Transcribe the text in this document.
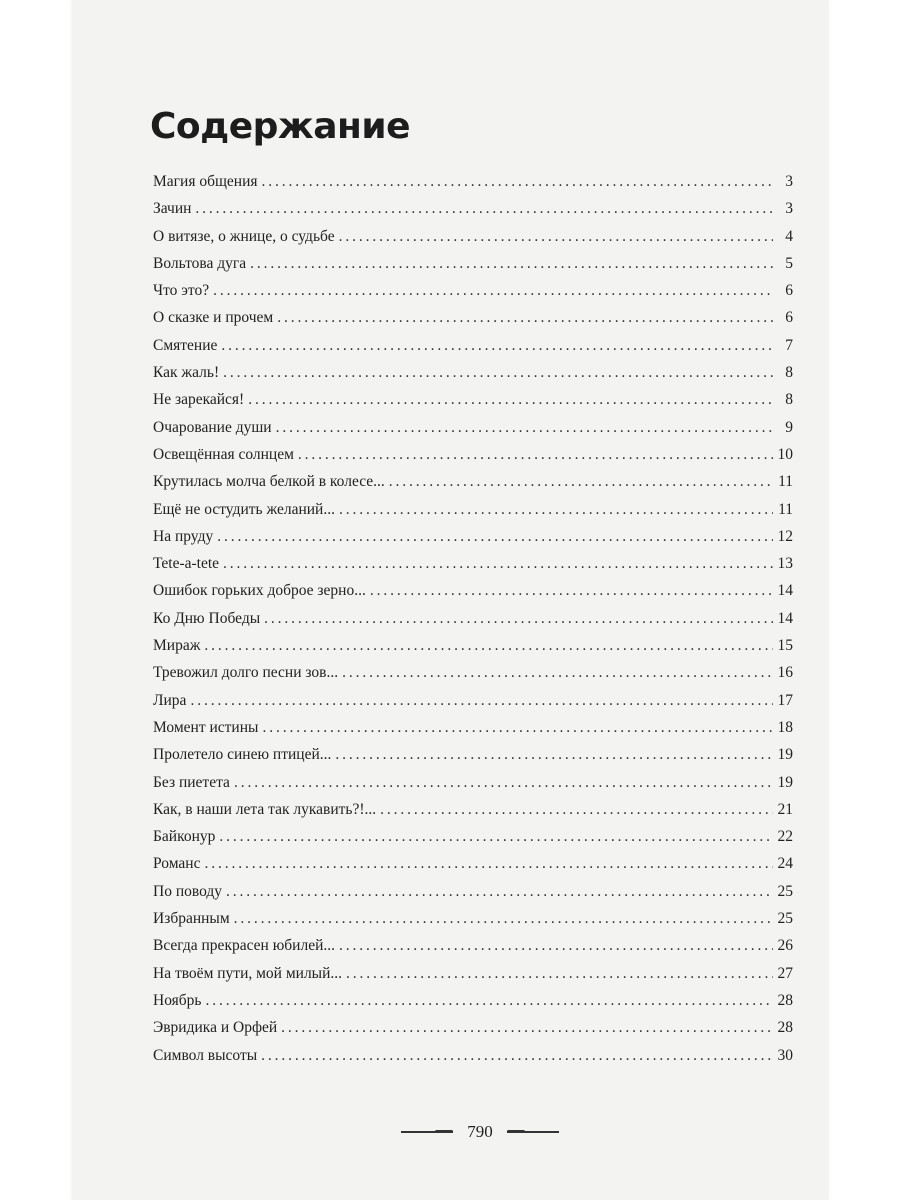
Содержание
Магия общения . . .	3
Зачин . . .	3
О витязе, о жнице, о судьбе . . .	4
Вольтова дуга . . .	5
Что это? . . .	6
О сказке и прочем . . .	6
Смятение . . .	7
Как жаль! . . .	8
Не зарекайся! . . .	8
Очарование души . . .	9
Освещённая солнцем . . .	10
Крутилась молча белкой в колесе... . . .	11
Ещё не остудить желаний... . . .	11
На пруду . . .	12
Tete-a-tete . . .	13
Ошибок горьких доброе зерно... . . .	14
Ко Дню Победы . . .	14
Мираж . . .	15
Тревожил долго песни зов... . . .	16
Лира . . .	17
Момент истины . . .	18
Пролетело синею птицей... . . .	19
Без пиетета . . .	19
Как, в наши лета так лукавить?!... . . .	21
Байконур . . .	22
Романс . . .	24
По поводу . . .	25
Избранным . . .	25
Всегда прекрасен юбилей... . . .	26
На твоём пути, мой милый... . . .	27
Ноябрь . . .	28
Эвридика и Орфей . . .	28
Символ высоты . . .	30
790
